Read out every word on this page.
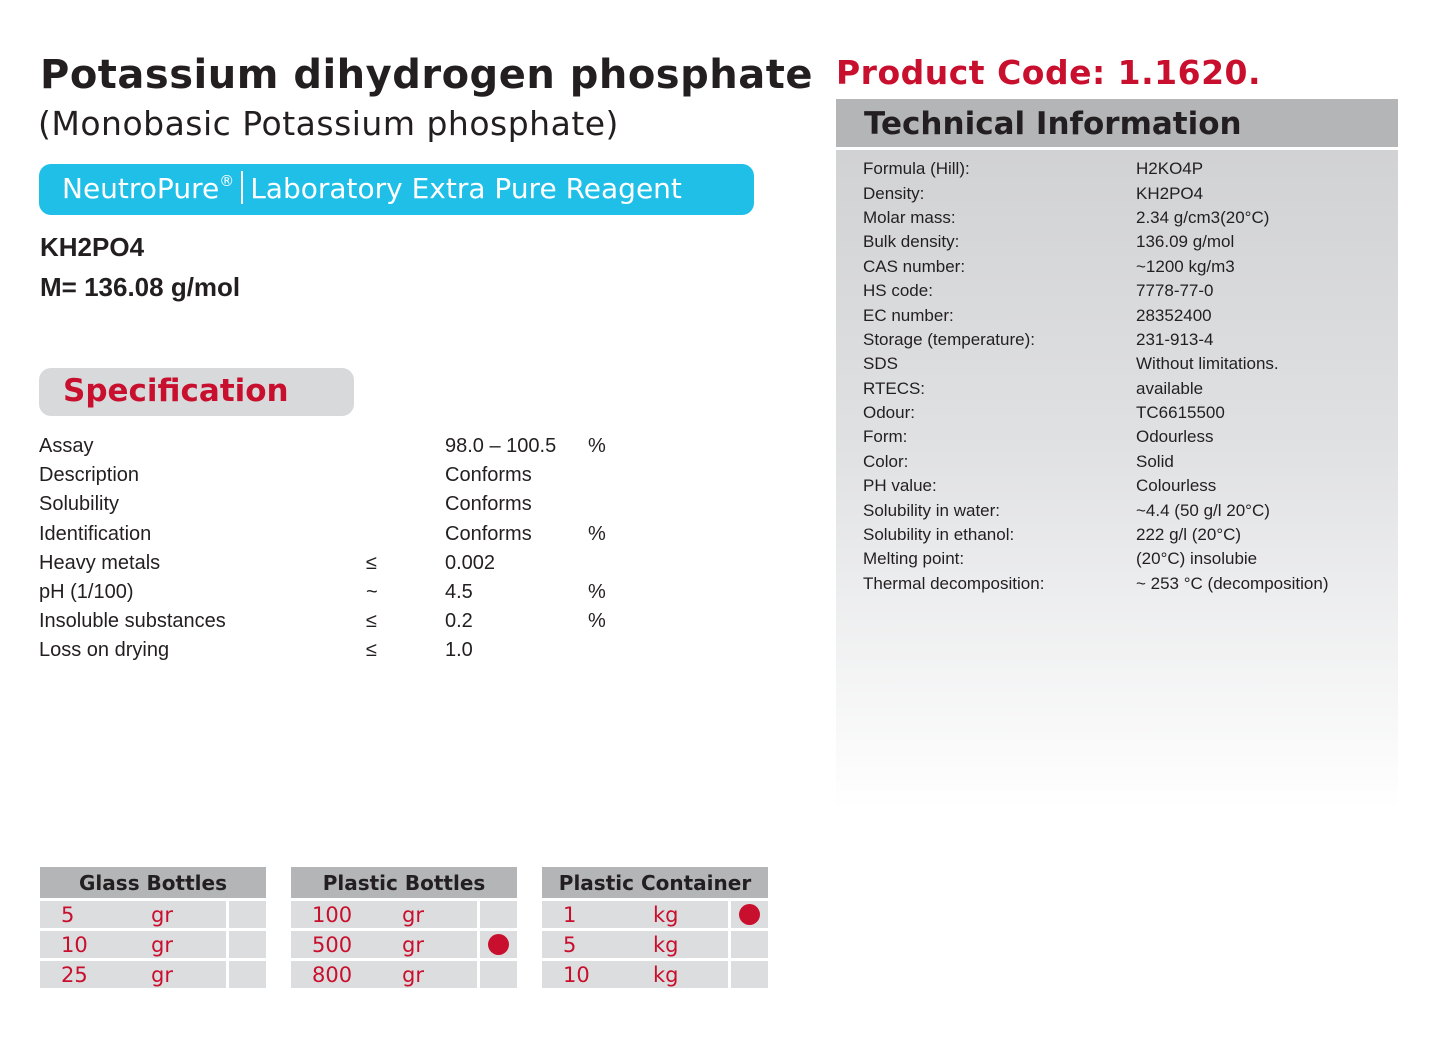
Potassium dihydrogen phosphate
(Monobasic Potassium phosphate)
NeutroPure® Laboratory Extra Pure Reagent
KH2PO4
M= 136.08 g/mol
Specification
Assay		98.0 – 100.5	%
Description		Conforms	
Solubility		Conforms	
Identification		Conforms	%
Heavy metals	≤	0.002	
pH (1/100)	~	4.5	%
Insoluble substances	≤	0.2	%
Loss on drying	≤	1.0	
Product Code: 1.1620.
Technical Information
Formula (Hill):	H2KO4P
Density:	KH2PO4
Molar mass:	2.34 g/cm3(20°C)
Bulk density:	136.09 g/mol
CAS number:	~1200 kg/m3
HS code:	7778-77-0
EC number:	28352400
Storage (temperature):	231-913-4
SDS	Without limitations.
RTECS:	available
Odour:	TC6615500
Form:	Odourless
Color:	Solid
PH value:	Colourless
Solubility in water:	~4.4 (50 g/l 20°C)
Solubility in ethanol:	222 g/l (20°C)
Melting point:	(20°C) insolubie
Thermal decomposition:	~ 253 °C (decomposition)
Glass Bottles
5	gr
10	gr
25	gr
Plastic Bottles
100 gr
500 gr
800 gr
Plastic Container
1	kg
5	kg
10	kg
